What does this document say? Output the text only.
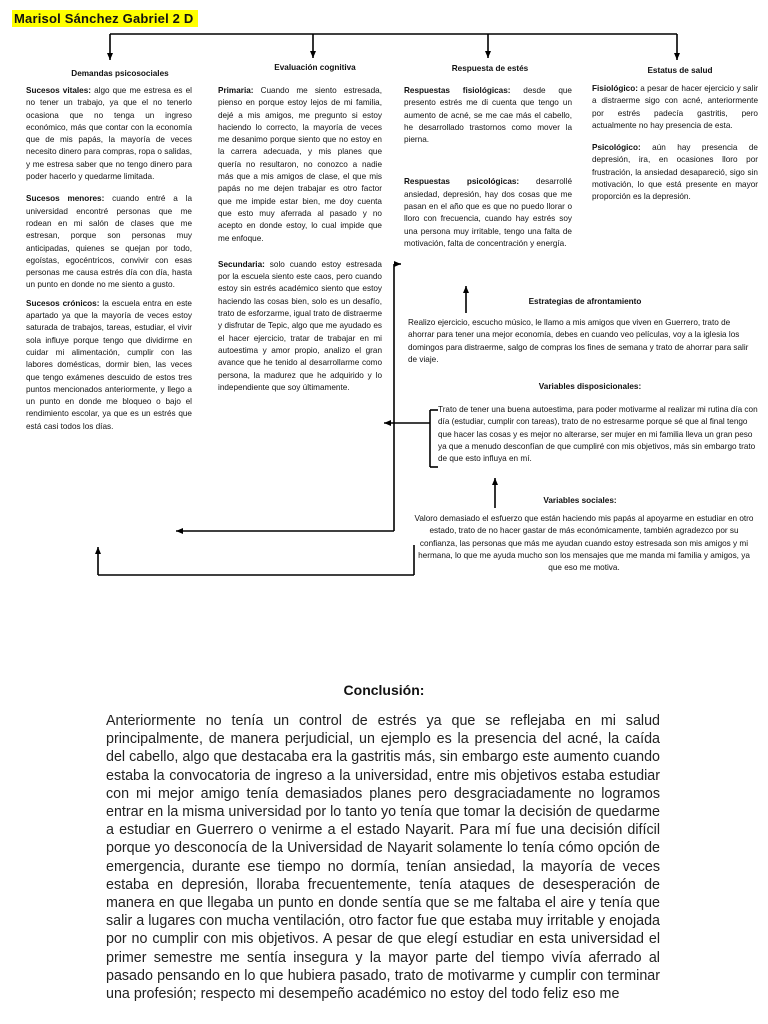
Marisol Sánchez Gabriel 2 D
Demandas psicosociales
Evaluación cognitiva	Respuesta de estés	Estatus de salud

Sucesos vitales: algo que me estresa es el no tener un trabajo, ya que el no tenerlo ocasiona que no tenga un ingreso económico, más que contar con la economía que de mis papás, la mayoría de veces necesito dinero para compras, ropa o salidas, y me estresa saber que no tengo dinero para poder hacerlo y quedarme limitada.

Sucesos menores: cuando entré a la universidad encontré personas que me rodean en mi salón de clases que me estresan, porque son personas muy anticipadas, quienes se quejan por todo, egoístas, egocéntricos, convivir con esas personas me causa estrés día con día, hasta un punto en donde no me siento a gusto.

Sucesos crónicos: la escuela entra en este apartado ya que la mayoría de veces estoy saturada de trabajos, tareas, estudiar, el vivir sola influye porque tengo que dividirme en cuidar mi alimentación, cumplir con las labores domésticas, dormir bien, las veces que tengo exámenes descuido de estos tres puntos mencionados anteriormente, y llego a un punto en donde me bloqueo o bajo el rendimiento escolar, ya que es un estrés que está casi todos los días.

Primaria: Cuando me siento estresada, pienso en porque estoy lejos de mi familia, dejé a mis amigos, me pregunto si estoy haciendo lo correcto, la mayoría de veces me desanimo porque siento que no estoy en la carrera adecuada, y mis planes que quería no resultaron, no conozco a nadie más que a mis amigos de clase, el que mis papás no me dejen trabajar es otro factor que me impide estar bien, me doy cuenta que esto muy aferrada al pasado y no acepto en donde estoy, lo cual impide que me enfoque.

Secundaria: solo cuando estoy estresada por la escuela siento este caos, pero cuando estoy sin estrés académico siento que estoy haciendo las cosas bien, solo es un desafío, trato de esforzarme, igual trato de distraerme y disfrutar de Tepic, algo que me ayudado es el hacer ejercicio, tratar de trabajar en mi autoestima y amor propio, analizo el gran avance que he tenido al desarrollarme como persona, la madurez que he adquirido y lo independiente que soy últimamente.

Respuestas fisiológicas: desde que presento estrés me di cuenta que tengo un aumento de acné, se me cae más el cabello, he desarrollado trastornos como mover la pierna.

Respuestas psicológicas: desarrollé ansiedad, depresión, hay dos cosas que me pasan en el año que es que no puedo llorar o lloro con frecuencia, cuando hay estrés soy una persona muy irritable, tengo una falta de motivación, falta de concentración y energía.

Fisiológico: a pesar de hacer ejercicio y salir a distraerme sigo con acné, anteriormente por estrés padecía gastritis, pero actualmente no hay presencia de esta.

Psicológico: aún hay presencia de depresión, ira, en ocasiones lloro por frustración, la ansiedad desapareció, sigo sin motivación, lo que está presente en mayor proporción es la depresión.

Estrategias de afrontamiento
Realizo ejercicio, escucho músico, le llamo a mis amigos que viven en Guerrero, trato de ahorrar para tener una mejor economía, debes en cuando veo películas, voy a la iglesia los domingos para distraerme, salgo de compras los fines de semana y trato de ahorrar para salir de viaje.
Variables disposicionales:
Trato de tener una buena autoestima, para poder motivarme al realizar mi rutina día con día (estudiar, cumplir con tareas), trato de no estresarme porque sé que al final tengo que hacer las cosas y es mejor no alterarse, ser mujer en mi familia lleva un gran peso ya que a menudo desconfían de que cumpliré con mis objetivos, más sin embargo trato de que esto influya en mí.
Variables sociales:
Valoro demasiado el esfuerzo que están haciendo mis papás al apoyarme en estudiar en otro estado, trato de no hacer gastar de más económicamente, también agradezco por su confianza, las personas que más me ayudan cuando estoy estresada son mis amigos y mi hermana, lo que me ayuda mucho son los mensajes que me manda mi familia y amigos, ya que eso me motiva.
Conclusión:
Anteriormente no tenía un control de estrés ya que se reflejaba en mi salud principalmente, de manera perjudicial, un ejemplo es la presencia del acné, la caída del cabello, algo que destacaba era la gastritis más, sin embargo este aumento cuando estaba la convocatoria de ingreso a la universidad, entre mis objetivos estaba estudiar con mi mejor amigo tenía demasiados planes pero desgraciadamente no logramos entrar en la misma universidad por lo tanto yo tenía que tomar la decisión de quedarme a estudiar en Guerrero o venirme a el estado Nayarit. Para mí fue una decisión difícil porque yo desconocía de la Universidad de Nayarit solamente lo tenía cómo opción de emergencia, durante ese tiempo no dormía, tenían ansiedad, la mayoría de veces estaba en depresión, lloraba frecuentemente, tenía ataques de desesperación de manera en que llegaba un punto en donde sentía que se me faltaba el aire y tenía que salir a lugares con mucha ventilación, otro factor fue que estaba muy irritable y enojada por no cumplir con mis objetivos. A pesar de que elegí estudiar en esta universidad el primer semestre me sentía insegura y la mayor parte del tiempo vivía aferrado al pasado pensando en lo que hubiera pasado, trato de motivarme y cumplir con terminar una profesión; respecto mi desempeño académico no estoy del todo feliz eso me
